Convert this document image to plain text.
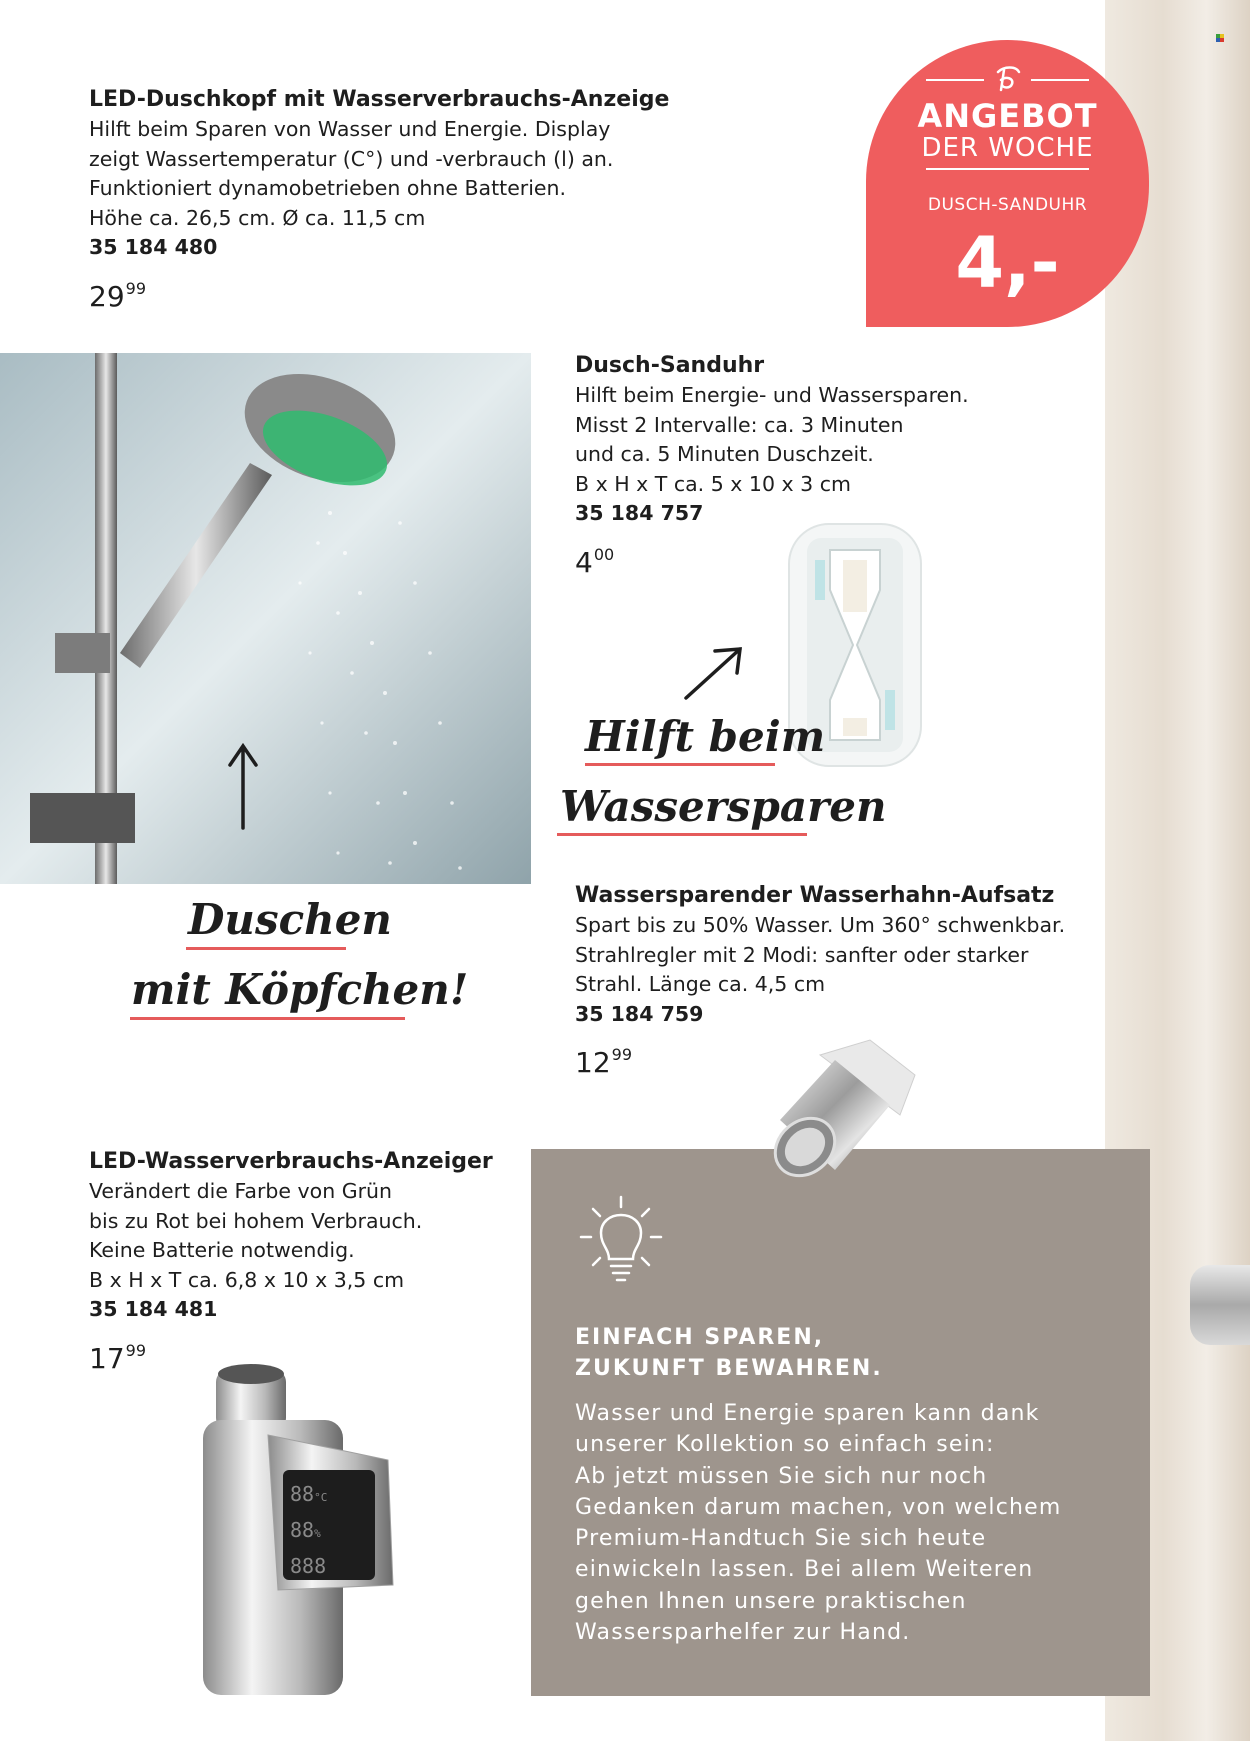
LED-Duschkopf mit Wasserverbrauchs-Anzeige
Hilft beim Sparen von Wasser und Energie. Display
zeigt Wassertemperatur (C°) und -verbrauch (l) an.
Funktioniert dynamobetrieben ohne Batterien.
Höhe ca. 26,5 cm. Ø ca. 11,5 cm
35 184 480
$29^{99}$
ANGEBOT
DER WOCHE
DUSCH-SANDUHR
4,-
Dusch-Sanduhr
Hilft beim Energie- und Wassersparen.
Misst 2 Intervalle: ca. 3 Minuten
und ca. 5 Minuten Duschzeit.
B x H x T ca. 5 x 10 x 3 cm
35 184 757
$4^{00}$
Hilft beim
Wassersparen
Duschen
mit Köpfchen!
Wassersparender Wasserhahn-Aufsatz
Spart bis zu 50% Wasser. Um 360° schwenkbar.
Strahlregler mit 2 Modi: sanfter oder starker
Strahl. Länge ca. 4,5 cm
35 184 759
$12^{99}$
EINFACH SPAREN,
ZUKUNFT BEWAHREN.
Wasser und Energie sparen kann dank
unserer Kollektion so einfach sein:
Ab jetzt müssen Sie sich nur noch
Gedanken darum machen, von welchem
Premium-Handtuch Sie sich heute
einwickeln lassen. Bei allem Weiteren
gehen Ihnen unsere praktischen
Wassersparhelfer zur Hand.
LED-Wasserverbrauchs-Anzeiger
Verändert die Farbe von Grün
bis zu Rot bei hohem Verbrauch.
Keine Batterie notwendig.
B x H x T ca. 6,8 x 10 x 3,5 cm
35 184 481
$17^{99}$
88°C
88%
888
